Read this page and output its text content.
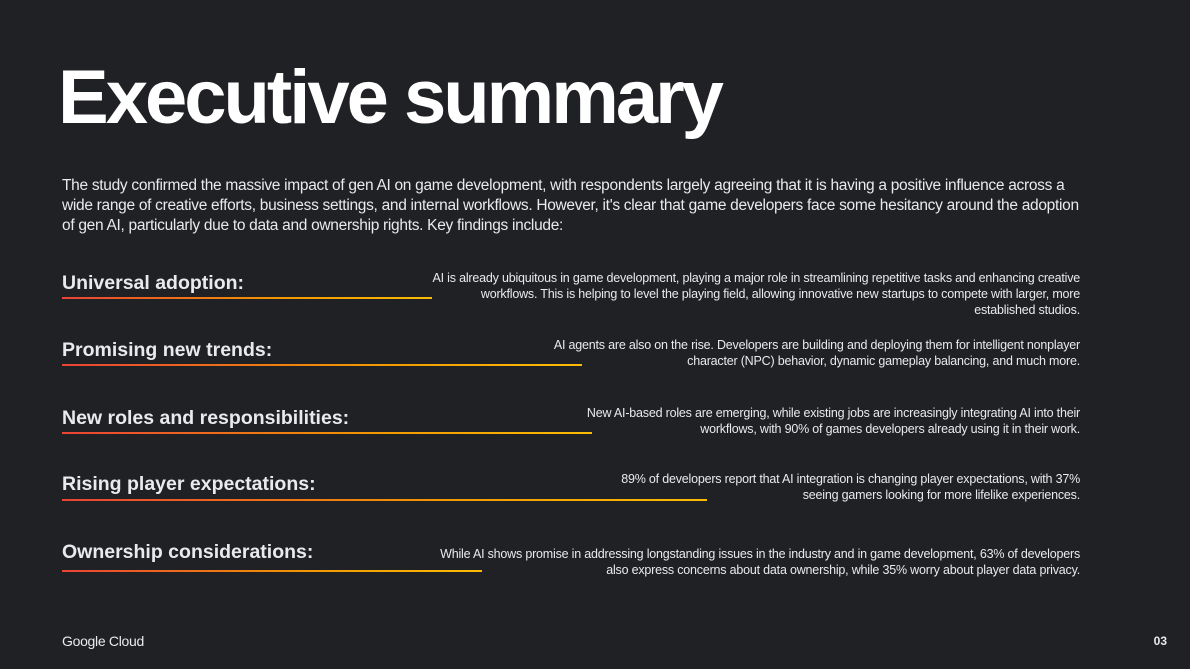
Executive summary

The study confirmed the massive impact of gen AI on game development, with respondents largely agreeing that it is having a positive influence across a wide range of creative efforts, business settings, and internal workflows. However, it's clear that game developers face some hesitancy around the adoption of gen AI, particularly due to data and ownership rights. Key findings include:

Universal adoption:	AI is already ubiquitous in game development, playing a major role in streamlining repetitive tasks and enhancing creative workflows. This is helping to level the playing field, allowing innovative new startups to compete with larger, more established studios.

Promising new trends:	AI agents are also on the rise. Developers are building and deploying them for intelligent nonplayer character (NPC) behavior, dynamic gameplay balancing, and much more.

New roles and responsibilities:	New AI-based roles are emerging, while existing jobs are increasingly integrating AI into their workflows, with 90% of games developers already using it in their work.

Rising player expectations:	89% of developers report that AI integration is changing player expectations, with 37% seeing gamers looking for more lifelike experiences.

Ownership considerations:	While AI shows promise in addressing longstanding issues in the industry and in game development, 63% of developers also express concerns about data ownership, while 35% worry about player data privacy.

Google Cloud	03
